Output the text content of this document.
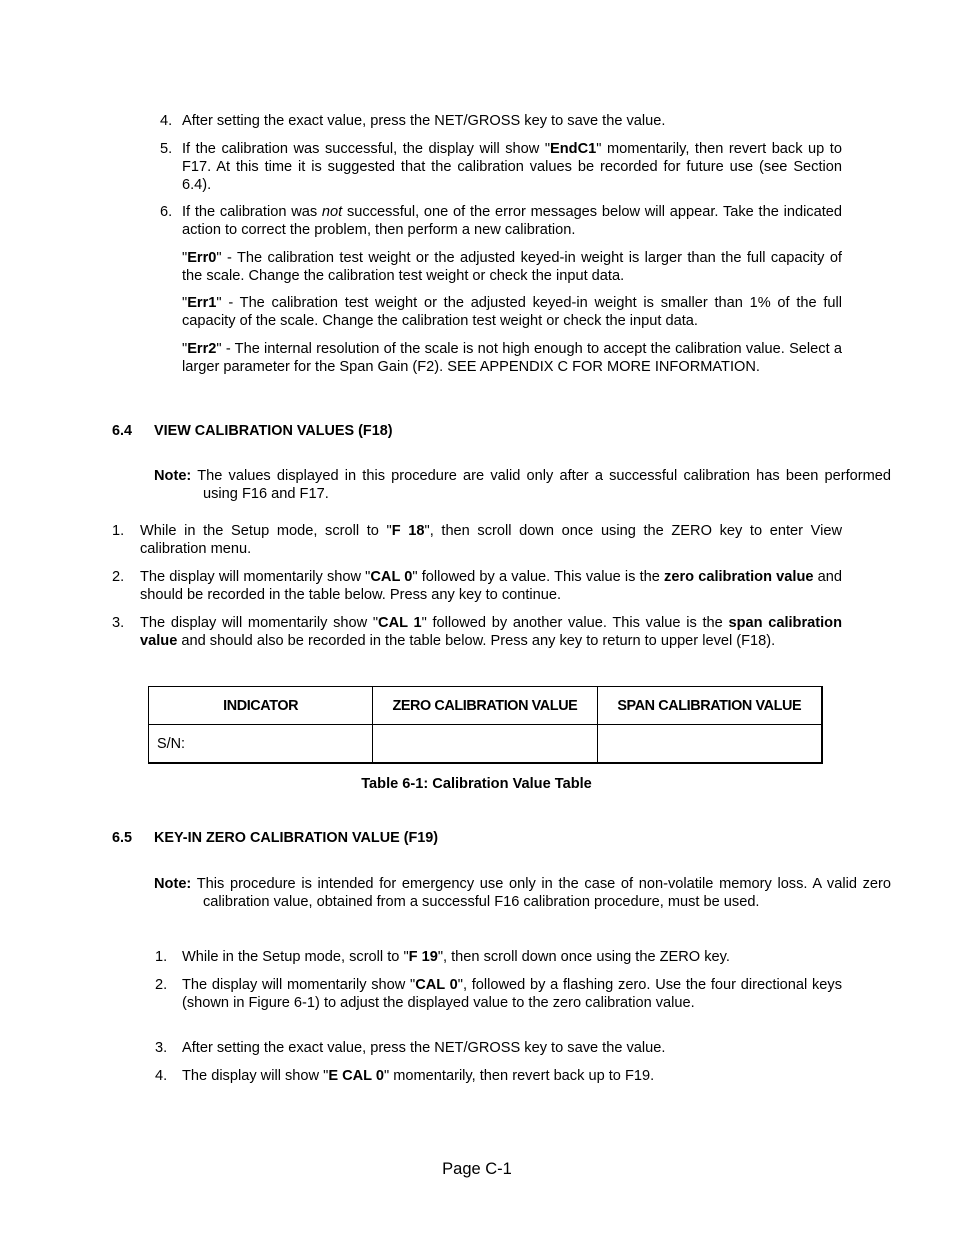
4. After setting the exact value, press the NET/GROSS key to save the value.
5. If the calibration was successful, the display will show "EndC1" momentarily, then revert back up to F17. At this time it is suggested that the calibration values be recorded for future use (see Section 6.4).
6. If the calibration was not successful, one of the error messages below will appear. Take the indicated action to correct the problem, then perform a new calibration.
"Err0" - The calibration test weight or the adjusted keyed-in weight is larger than the full capacity of the scale. Change the calibration test weight or check the input data.
"Err1" - The calibration test weight or the adjusted keyed-in weight is smaller than 1% of the full capacity of the scale. Change the calibration test weight or check the input data.
"Err2" - The internal resolution of the scale is not high enough to accept the calibration value. Select a larger parameter for the Span Gain (F2). SEE APPENDIX C FOR MORE INFORMATION.
6.4 VIEW CALIBRATION VALUES (F18)
Note: The values displayed in this procedure are valid only after a successful calibration has been performed using F16 and F17.
1. While in the Setup mode, scroll to "F 18", then scroll down once using the ZERO key to enter View calibration menu.
2. The display will momentarily show "CAL 0" followed by a value. This value is the zero calibration value and should be recorded in the table below. Press any key to continue.
3. The display will momentarily show "CAL 1" followed by another value. This value is the span calibration value and should also be recorded in the table below. Press any key to return to upper level (F18).
INDICATOR	ZERO CALIBRATION VALUE	SPAN CALIBRATION VALUE
S/N:		
Table 6-1: Calibration Value Table
6.5 KEY-IN ZERO CALIBRATION VALUE (F19)
Note: This procedure is intended for emergency use only in the case of non-volatile memory loss. A valid zero calibration value, obtained from a successful F16 calibration procedure, must be used.
1. While in the Setup mode, scroll to "F 19", then scroll down once using the ZERO key.
2. The display will momentarily show "CAL 0", followed by a flashing zero. Use the four directional keys (shown in Figure 6-1) to adjust the displayed value to the zero calibration value.
3. After setting the exact value, press the NET/GROSS key to save the value.
4. The display will show "E CAL 0" momentarily, then revert back up to F19.
Page C-1
